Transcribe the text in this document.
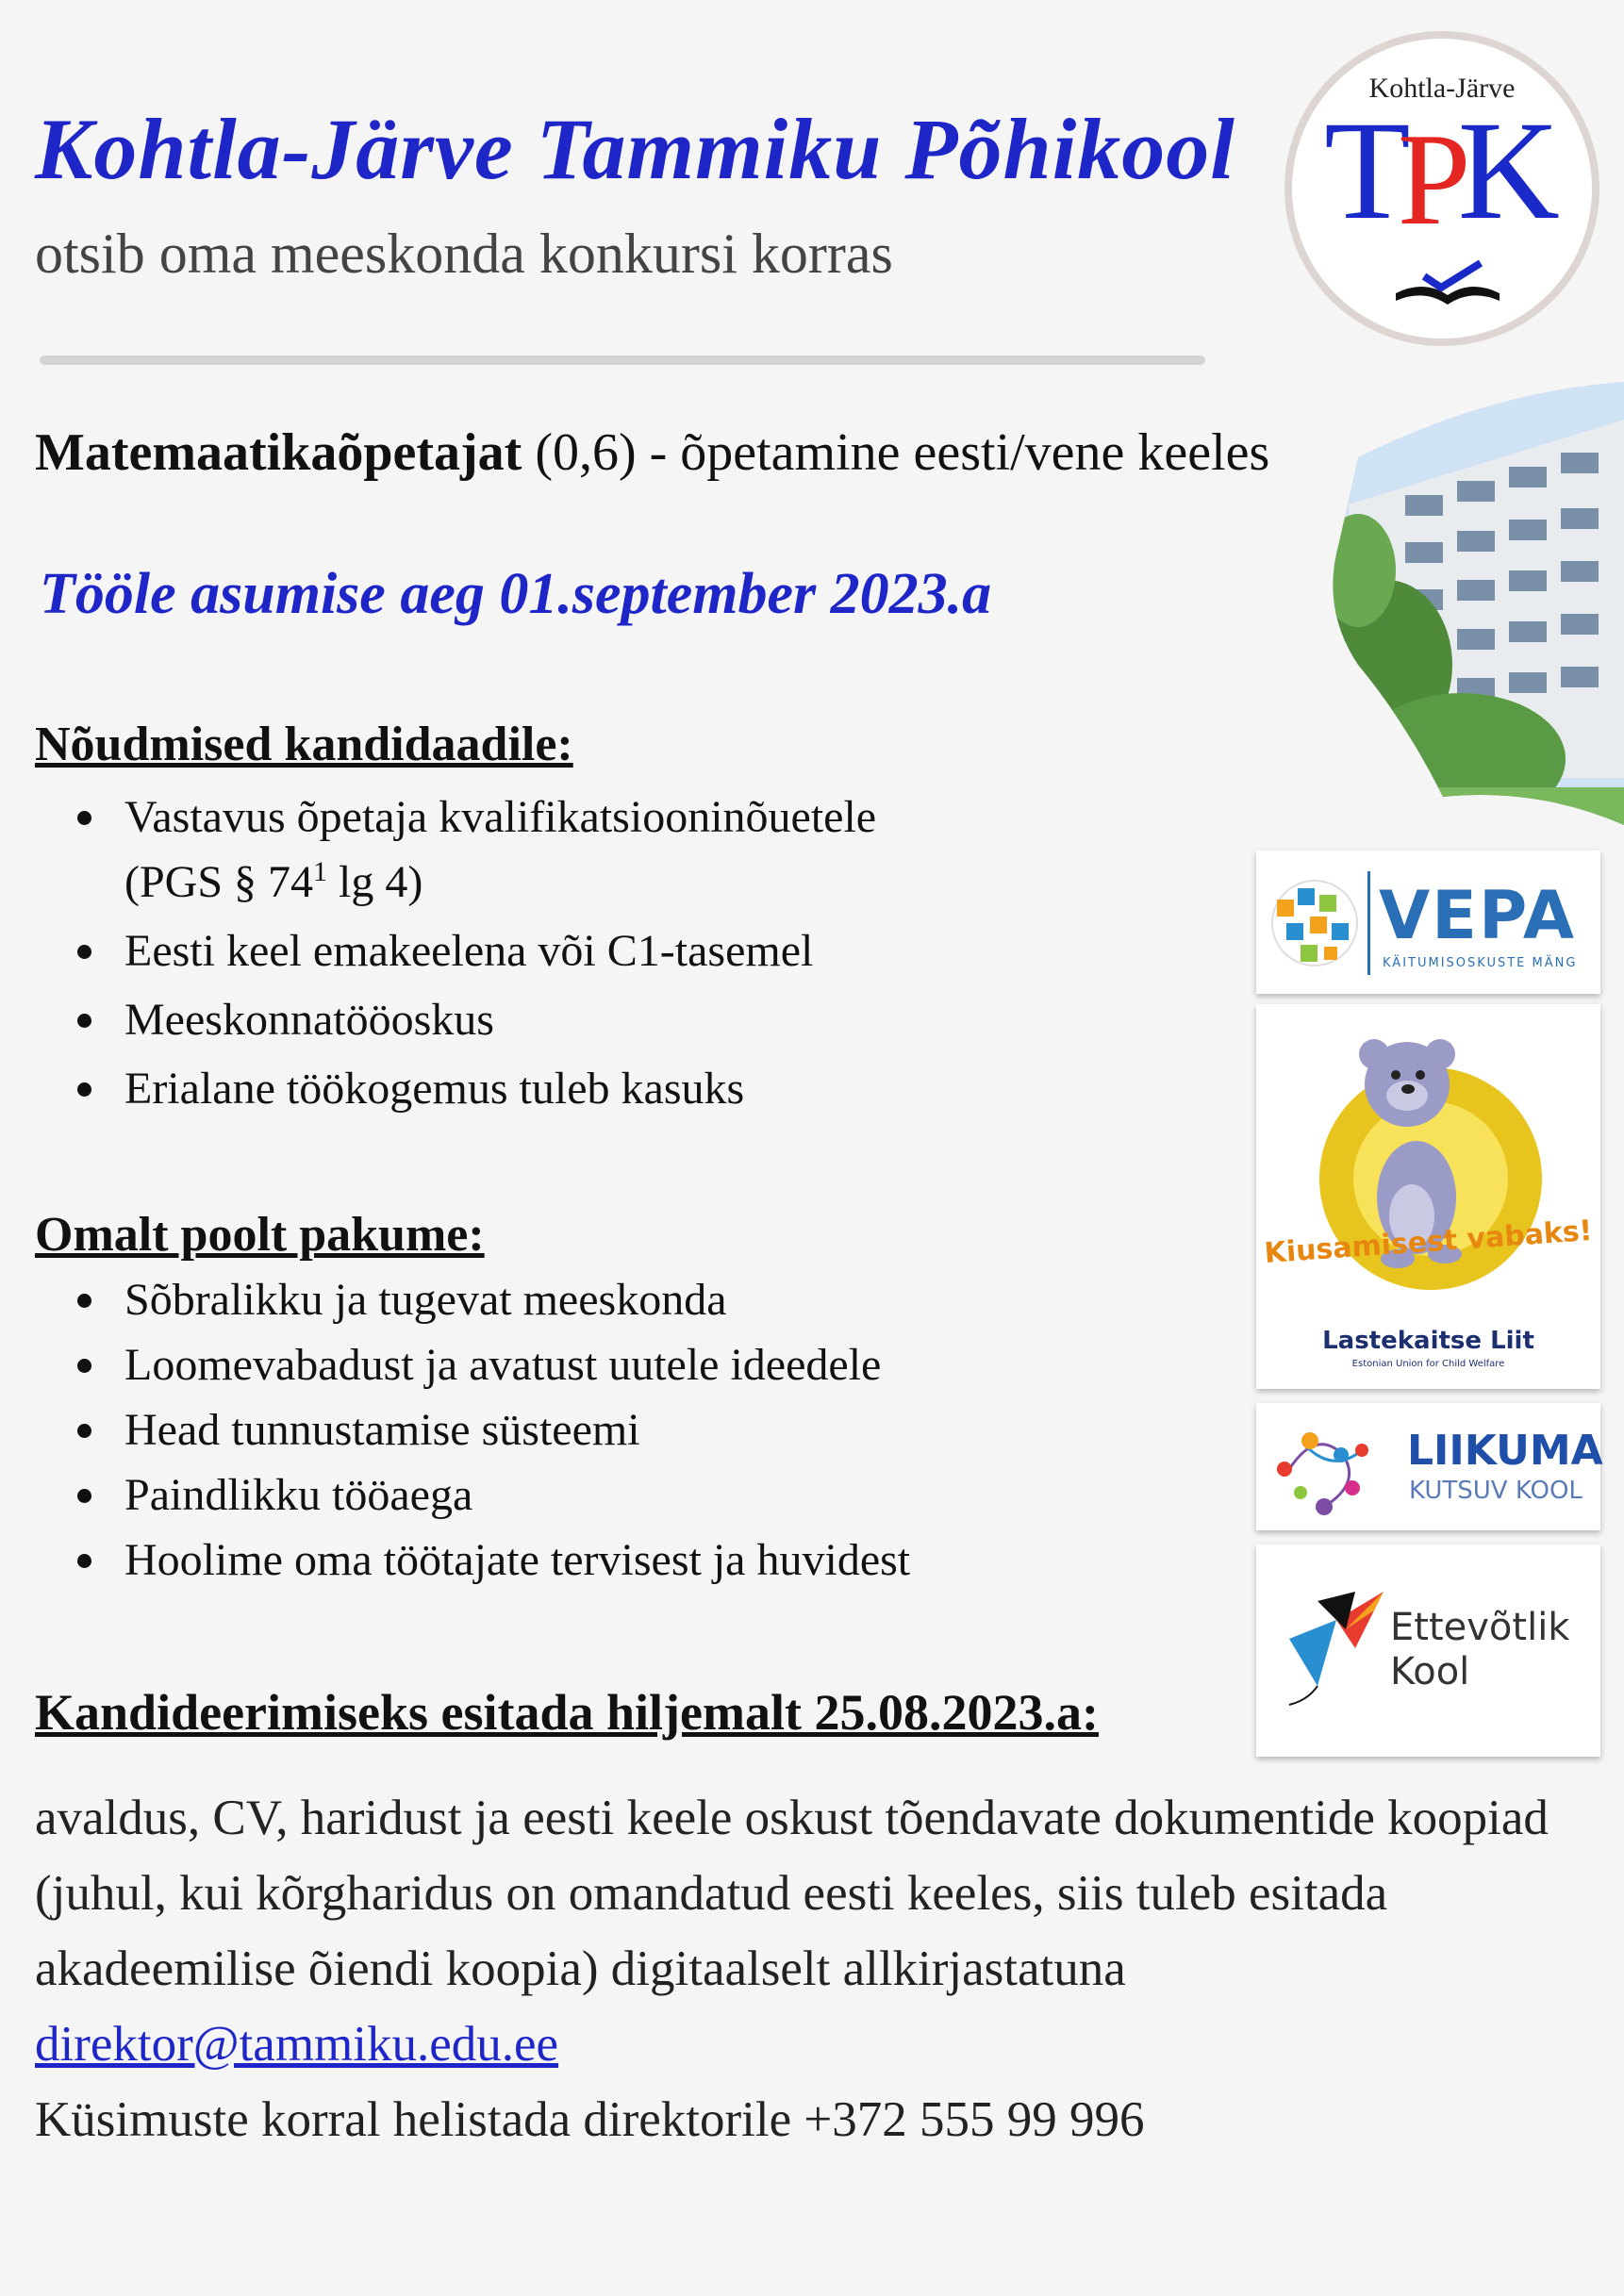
Kohtla-Järve Tammiku Põhikool
otsib oma meeskonda konkursi korras
Kohtla-Järve
TPK
Matemaatikaõpetajat (0,6) - õpetamine eesti/vene keeles
Tööle asumise aeg 01.september 2023.a
Nõudmised kandidaadile:
Vastavus õpetaja kvalifikatsiooninõuetele
(PGS § $74^1$ lg 4)
Eesti keel emakeelena või C1-tasemel
Meeskonnatööoskus
Erialane töökogemus tuleb kasuks
Omalt poolt pakume:
Sõbralikku ja tugevat meeskonda
Loomevabadust ja avatust uutele ideedele
Head tunnustamise süsteemi
Paindlikku tööaega
Hoolime oma töötajate tervisest ja huvidest
Kandideerimiseks esitada hiljemalt 25.08.2023.a:
avaldus, CV, haridust ja eesti keele oskust tõendavate dokumentide koopiad (juhul, kui kõrgharidus on omandatud eesti keeles, siis tuleb esitada akadeemilise õiendi koopia) digitaalselt allkirjastatuna
direktor@tammiku.edu.ee
Küsimuste korral helistada direktorile +372 555 99 996
VEPA
KÄITUMISOSKUSTE MÄNG
Kiusamisest vabaks!
Lastekaitse Liit
Estonian Union for Child Welfare
LIIKUMA
KUTSUV KOOL
Ettevõtlik
Kool
